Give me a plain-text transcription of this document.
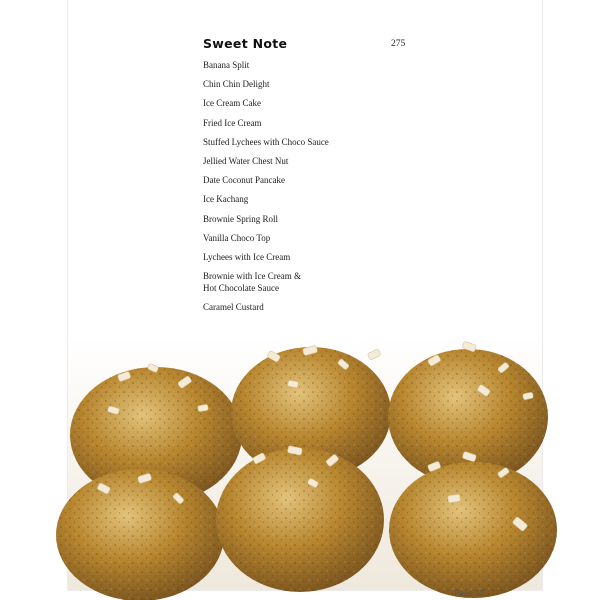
Sweet Note	275
Banana Split
Chin Chin Delight
Ice Cream Cake
Fried Ice Cream
Stuffed Lychees with Choco Sauce
Jellied Water Chest Nut
Date Coconut Pancake
Ice Kachang
Brownie Spring Roll
Vanilla Choco Top
Lychees with Ice Cream
Brownie with Ice Cream &
Hot Chocolate Sauce
Caramel Custard
Page 12
